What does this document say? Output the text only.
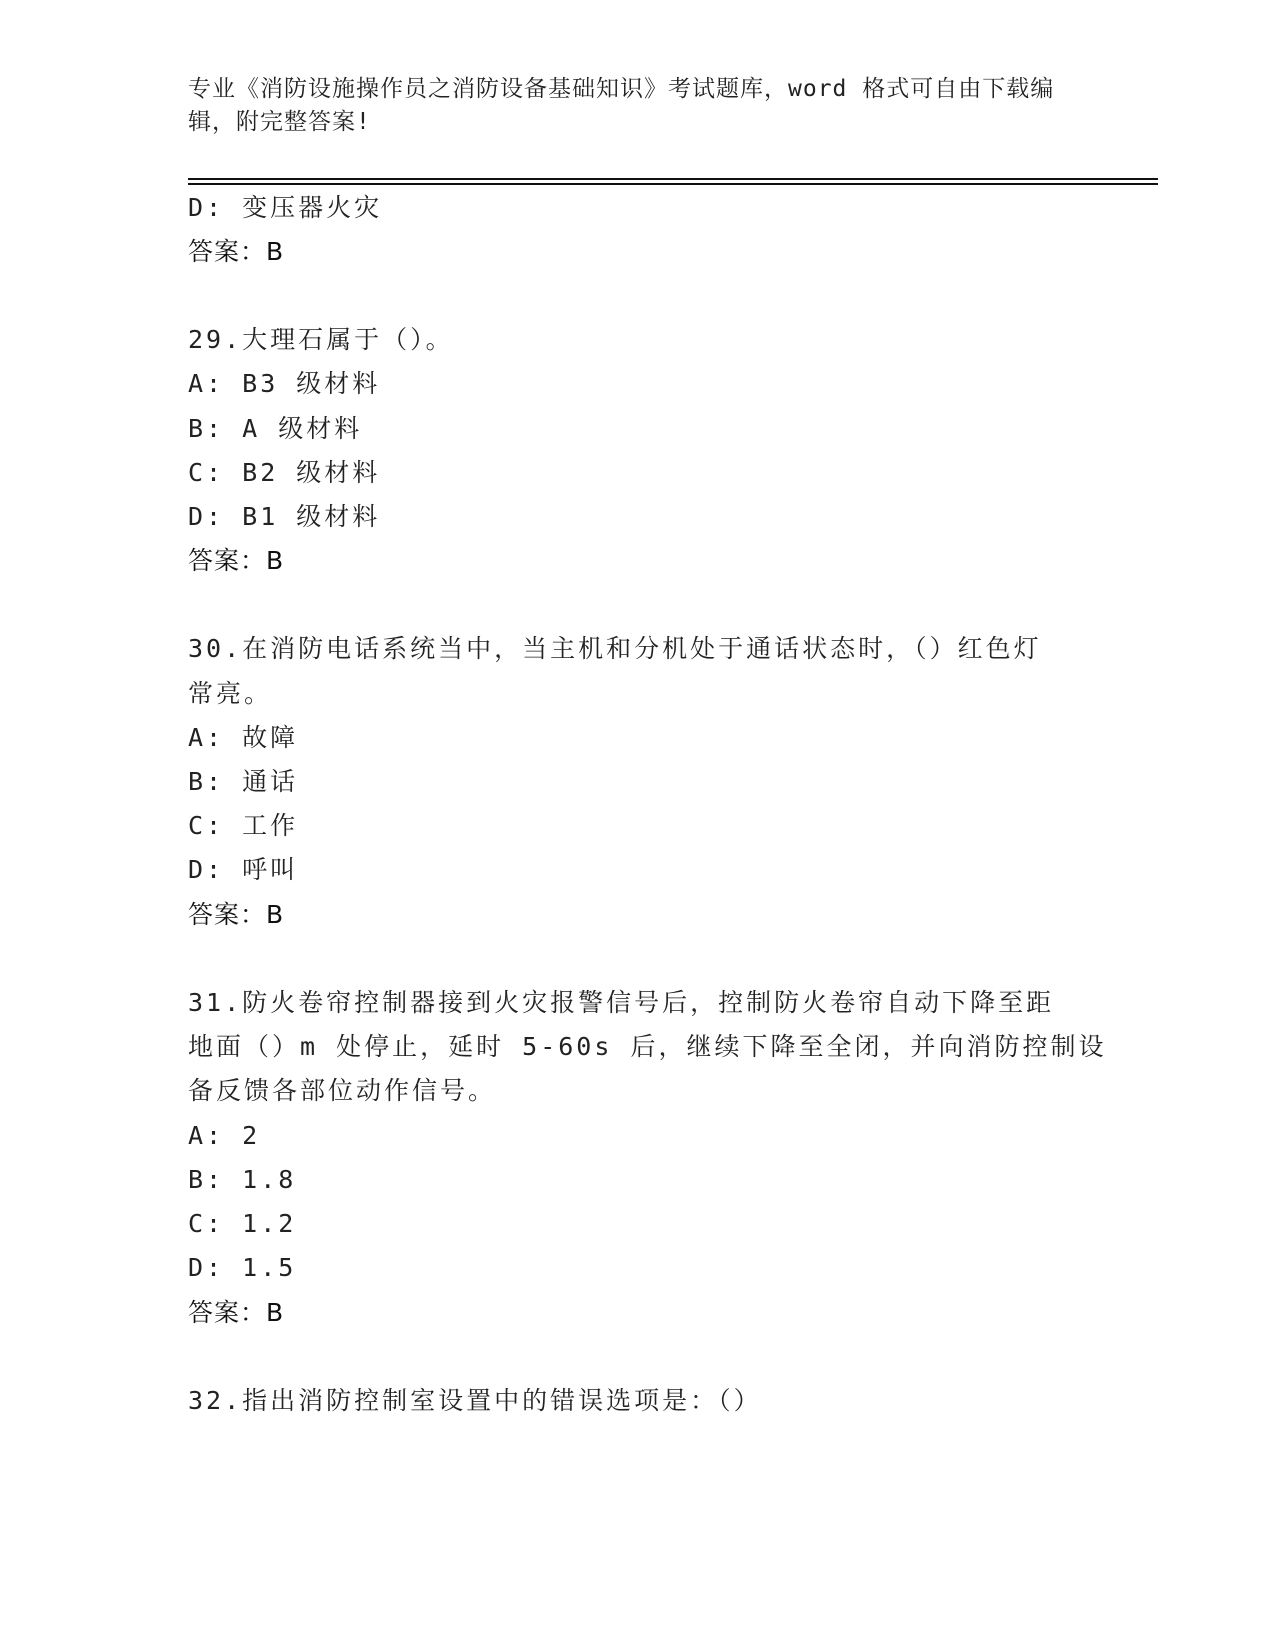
专业《消防设施操作员之消防设备基础知识》考试题库，word 格式可自由下载编
辑，附完整答案!
D: 变压器火灾
答案：B
29.大理石属于（）。
A: B3 级材料
B: A 级材料
C: B2 级材料
D: B1 级材料
答案：B
30.在消防电话系统当中，当主机和分机处于通话状态时，（）红色灯
常亮。
A: 故障
B: 通话
C: 工作
D: 呼叫
答案：B
31.防火卷帘控制器接到火灾报警信号后，控制防火卷帘自动下降至距
地面（）m 处停止，延时 5-60s 后，继续下降至全闭，并向消防控制设
备反馈各部位动作信号。
A: 2
B: 1.8
C: 1.2
D: 1.5
答案：B
32.指出消防控制室设置中的错误选项是：（）
